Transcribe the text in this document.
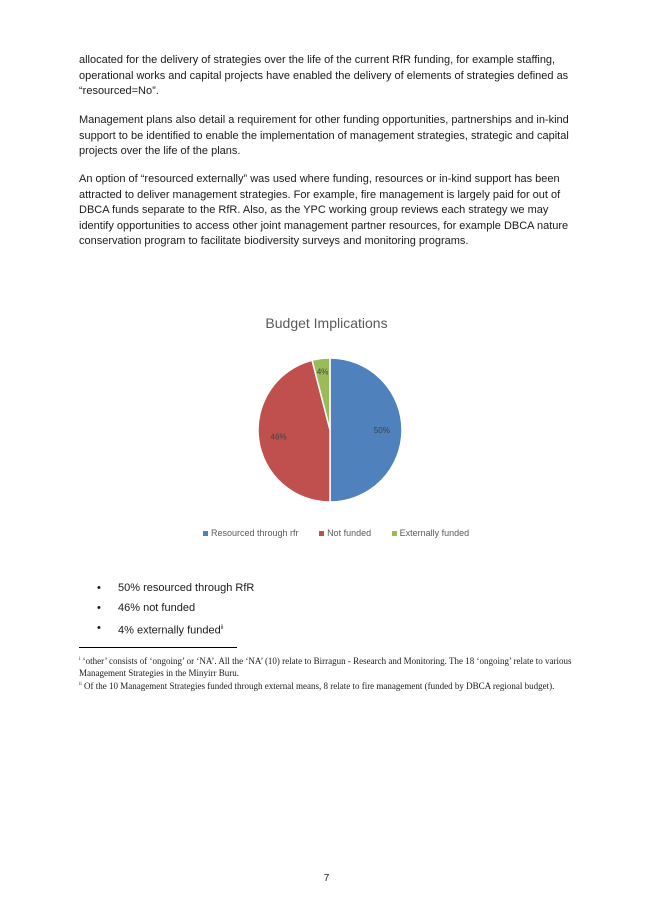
allocated for the delivery of strategies over the life of the current RfR funding, for example staffing, operational works and capital projects have enabled the delivery of elements of strategies defined as “resourced=No”.

Management plans also detail a requirement for other funding opportunities, partnerships and in-kind support to be identified to enable the implementation of management strategies, strategic and capital projects over the life of the plans.

An option of “resourced externally” was used where funding, resources or in-kind support has been attracted to deliver management strategies. For example, fire management is largely paid for out of DBCA funds separate to the RfR. Also, as the YPC working group reviews each strategy we may identify opportunities to access other joint management partner resources, for example DBCA nature conservation program to facilitate biodiversity surveys and monitoring programs.

Budget Implications
50%
46%
4%
Resourced through rfr	Not funded	Externally funded
• 50% resourced through RfR
• 46% not funded
• 4% externally funded$^{ii}$

$^i$ ‘other’ consists of ‘ongoing’ or ‘NA’. All the ‘NA’ (10) relate to Birragun - Research and Monitoring. The 18 ‘ongoing’ relate to various Management Strategies in the Minyirr Buru.

$^{ii}$ Of the 10 Management Strategies funded through external means, 8 relate to fire management (funded by DBCA regional budget).

7
